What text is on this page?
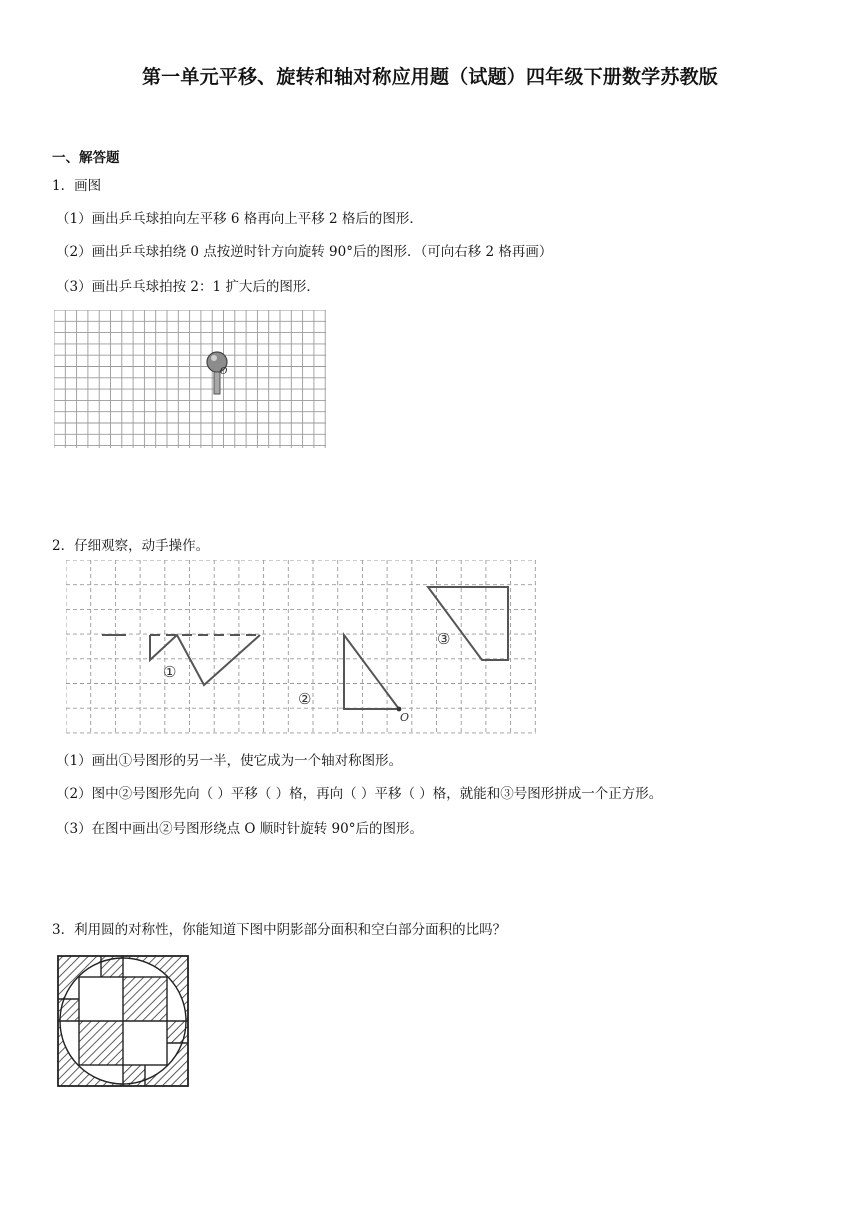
第一单元平移、旋转和轴对称应用题（试题）四年级下册数学苏教版
一、解答题
1．画图
（1）画出乒乓球拍向左平移 6 格再向上平移 2 格后的图形．
（2）画出乒乓球拍绕 0 点按逆时针方向旋转 90°后的图形．（可向右移 2 格再画）
（3）画出乒乓球拍按 2：1 扩大后的图形．
O
2．仔细观察，动手操作。
①
②
O
③
（1）画出①号图形的另一半，使它成为一个轴对称图形。
（2）图中②号图形先向（ ）平移（ ）格，再向（ ）平移（ ）格，就能和③号图形拼成一个正方形。
（3）在图中画出②号图形绕点 O 顺时针旋转 90°后的图形。
3．利用圆的对称性，你能知道下图中阴影部分面积和空白部分面积的比吗？
